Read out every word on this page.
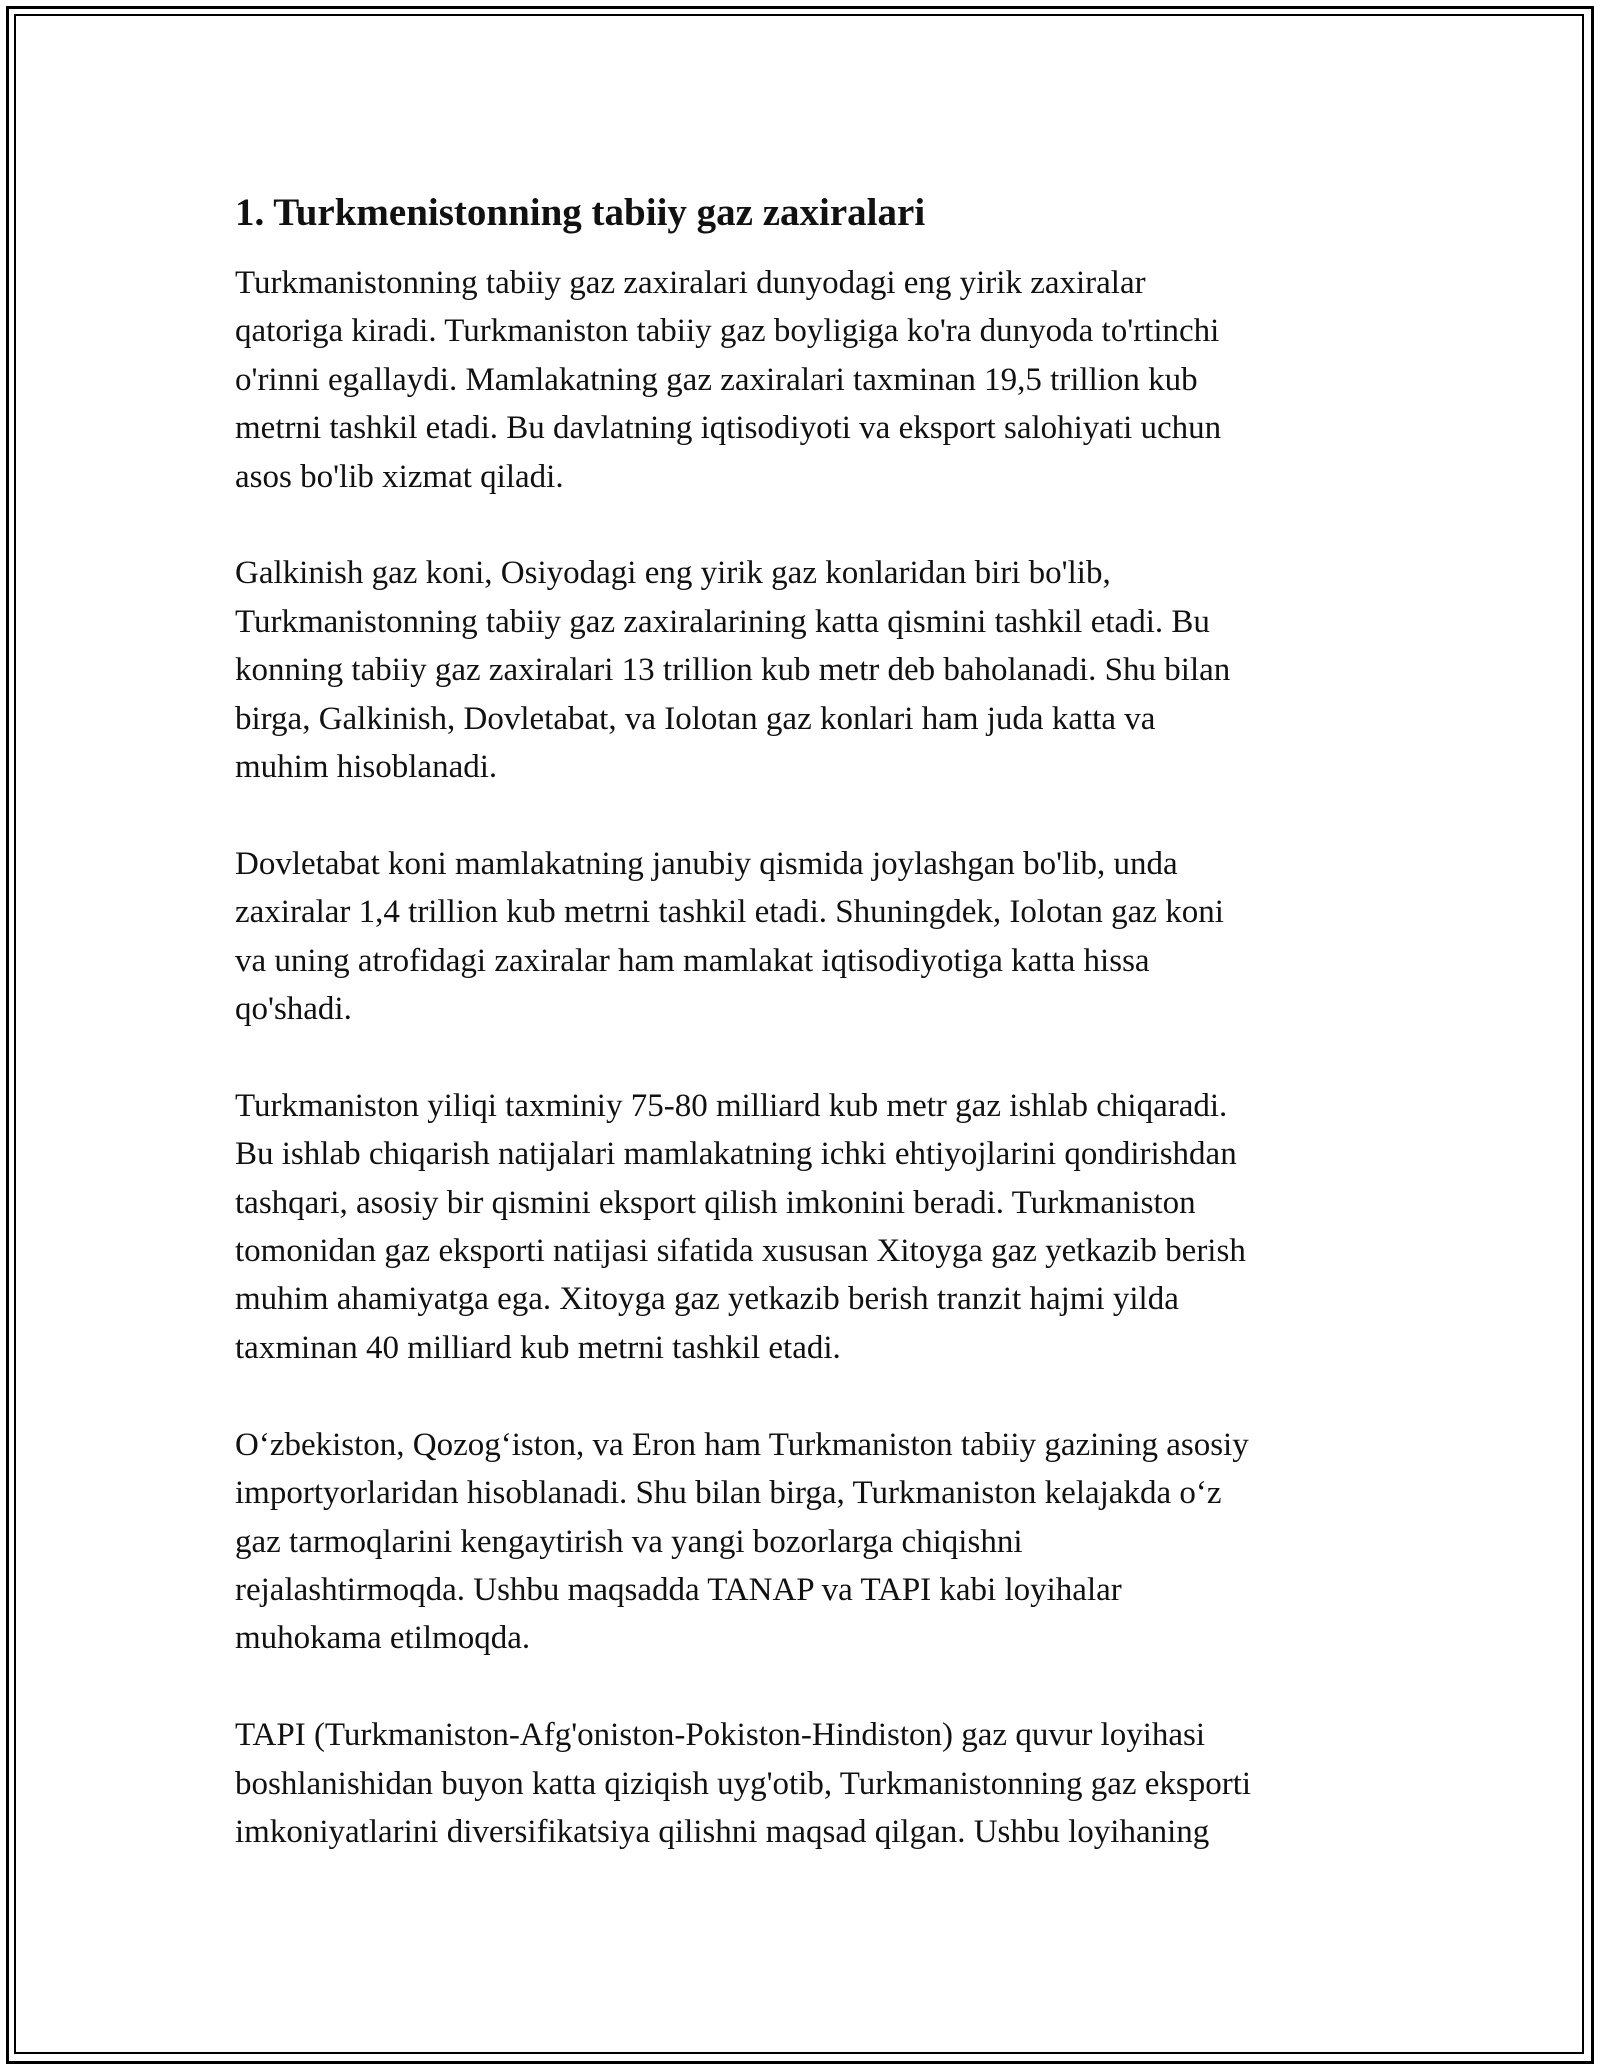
1. Turkmenistonning tabiiy gaz zaxiralari

Turkmanistonning tabiiy gaz zaxiralari dunyodagi eng yirik zaxiralar
qatoriga kiradi. Turkmaniston tabiiy gaz boyligiga ko'ra dunyoda to'rtinchi
o'rinni egallaydi. Mamlakatning gaz zaxiralari taxminan 19,5 trillion kub
metrni tashkil etadi. Bu davlatning iqtisodiyoti va eksport salohiyati uchun
asos bo'lib xizmat qiladi.

Galkinish gaz koni, Osiyodagi eng yirik gaz konlaridan biri bo'lib,
Turkmanistonning tabiiy gaz zaxiralarining katta qismini tashkil etadi. Bu
konning tabiiy gaz zaxiralari 13 trillion kub metr deb baholanadi. Shu bilan
birga, Galkinish, Dovletabat, va Iolotan gaz konlari ham juda katta va
muhim hisoblanadi.

Dovletabat koni mamlakatning janubiy qismida joylashgan bo'lib, unda
zaxiralar 1,4 trillion kub metrni tashkil etadi. Shuningdek, Iolotan gaz koni
va uning atrofidagi zaxiralar ham mamlakat iqtisodiyotiga katta hissa
qo'shadi.

Turkmaniston yiliqi taxminiy 75-80 milliard kub metr gaz ishlab chiqaradi.
Bu ishlab chiqarish natijalari mamlakatning ichki ehtiyojlarini qondirishdan
tashqari, asosiy bir qismini eksport qilish imkonini beradi. Turkmaniston
tomonidan gaz eksporti natijasi sifatida xususan Xitoyga gaz yetkazib berish
muhim ahamiyatga ega. Xitoyga gaz yetkazib berish tranzit hajmi yilda
taxminan 40 milliard kub metrni tashkil etadi.

O‘zbekiston, Qozog‘iston, va Eron ham Turkmaniston tabiiy gazining asosiy
importyorlaridan hisoblanadi. Shu bilan birga, Turkmaniston kelajakda o‘z
gaz tarmoqlarini kengaytirish va yangi bozorlarga chiqishni
rejalashtirmoqda. Ushbu maqsadda TANAP va TAPI kabi loyihalar
muhokama etilmoqda.

TAPI (Turkmaniston-Afg'oniston-Pokiston-Hindiston) gaz quvur loyihasi
boshlanishidan buyon katta qiziqish uyg'otib, Turkmanistonning gaz eksporti
imkoniyatlarini diversifikatsiya qilishni maqsad qilgan. Ushbu loyihaning
